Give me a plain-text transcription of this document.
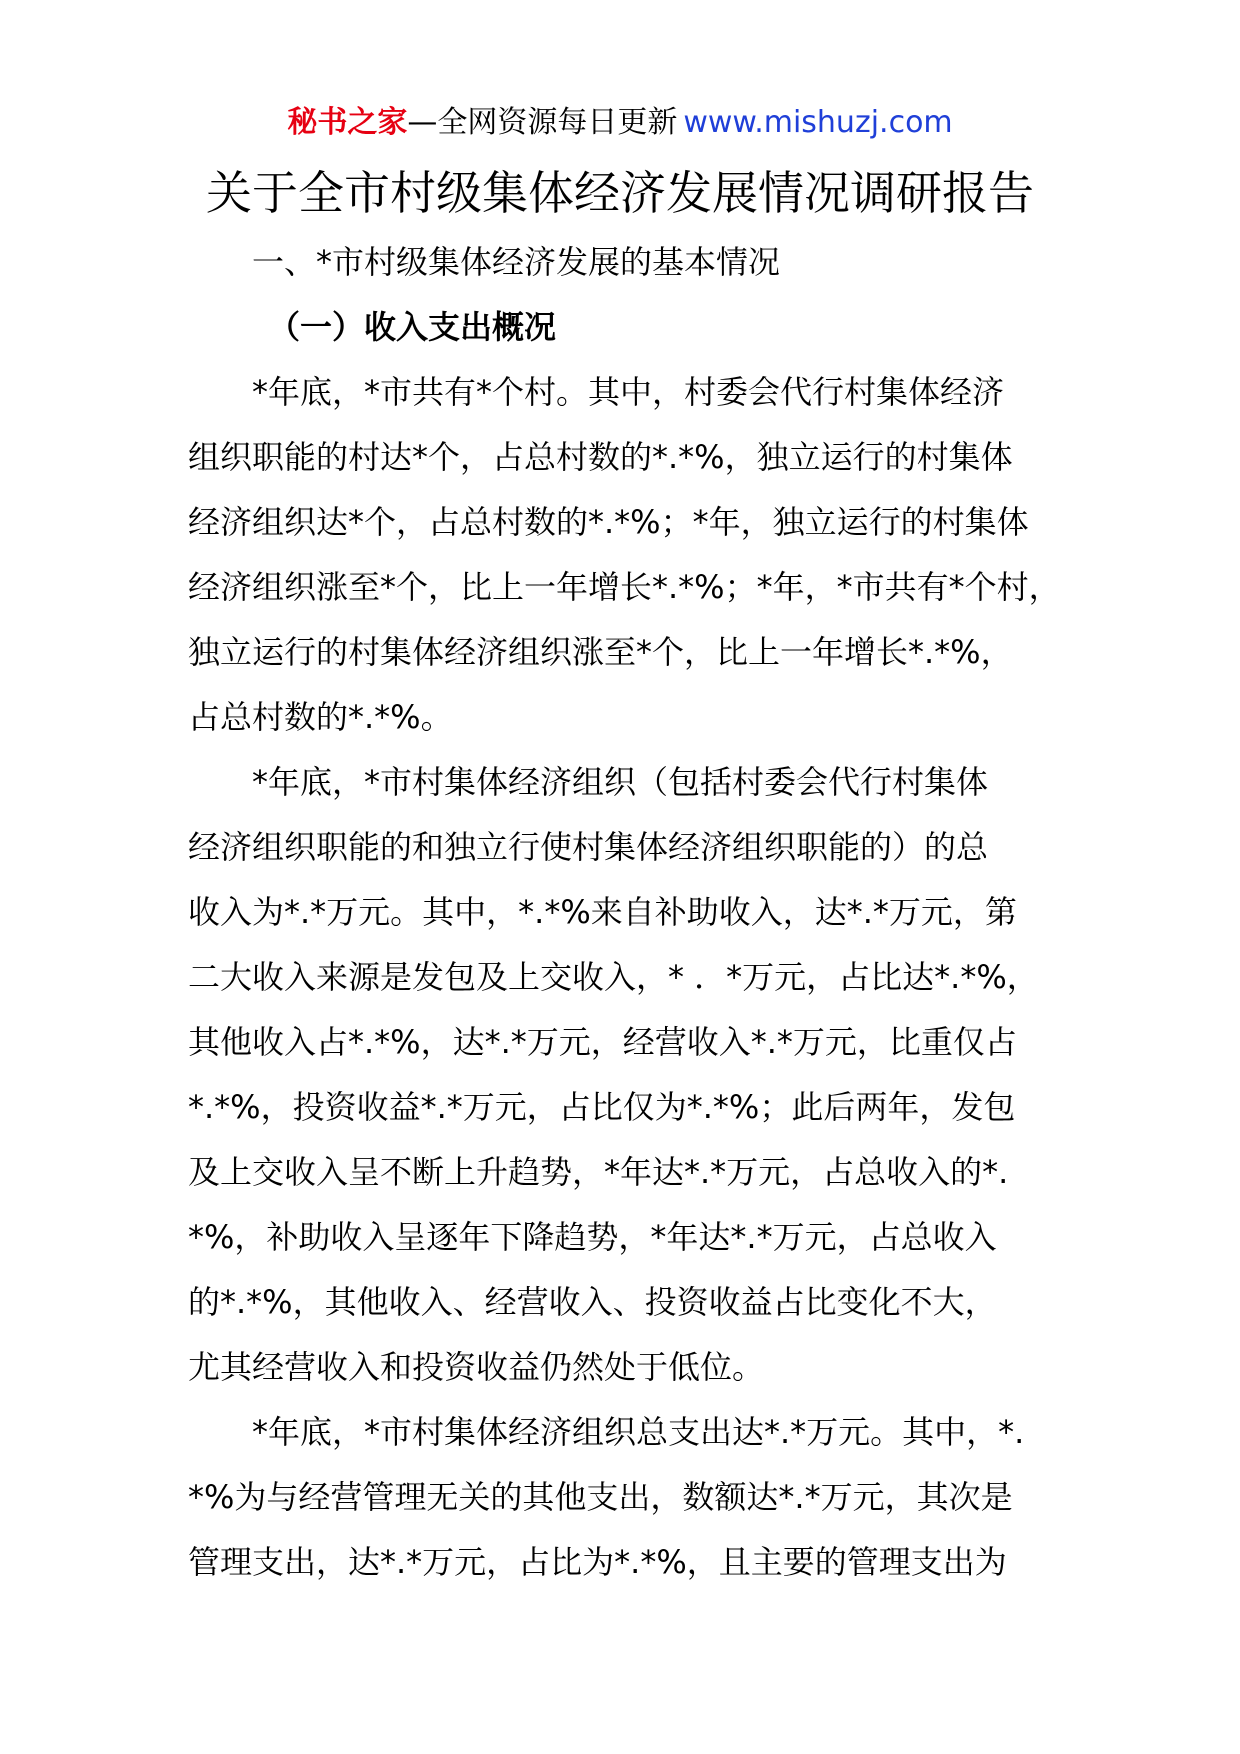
秘书之家—全网资源每日更新 www.mishuzj.com
关于全市村级集体经济发展情况调研报告
一、*市村级集体经济发展的基本情况
（一）收入支出概况
*年底，*市共有*个村。其中，村委会代行村集体经济
组织职能的村达*个，占总村数的*.*%，独立运行的村集体
经济组织达*个，占总村数的*.*%；*年，独立运行的村集体
经济组织涨至*个，比上一年增长*.*%；*年，*市共有*个村，
独立运行的村集体经济组织涨至*个，比上一年增长*.*%，
占总村数的*.*%。
*年底，*市村集体经济组织（包括村委会代行村集体
经济组织职能的和独立行使村集体经济组织职能的）的总
收入为*.*万元。其中，*.*%来自补助收入，达*.*万元，第
二大收入来源是发包及上交收入，* ．*万元，占比达*.*%，
其他收入占*.*%，达*.*万元，经营收入*.*万元，比重仅占
*.*%，投资收益*.*万元，占比仅为*.*%；此后两年，发包
及上交收入呈不断上升趋势，*年达*.*万元，占总收入的*.
*%，补助收入呈逐年下降趋势，*年达*.*万元，占总收入
的*.*%，其他收入、经营收入、投资收益占比变化不大，
尤其经营收入和投资收益仍然处于低位。
*年底，*市村集体经济组织总支出达*.*万元。其中，*.
*%为与经营管理无关的其他支出，数额达*.*万元，其次是
管理支出，达*.*万元，占比为*.*%，且主要的管理支出为
